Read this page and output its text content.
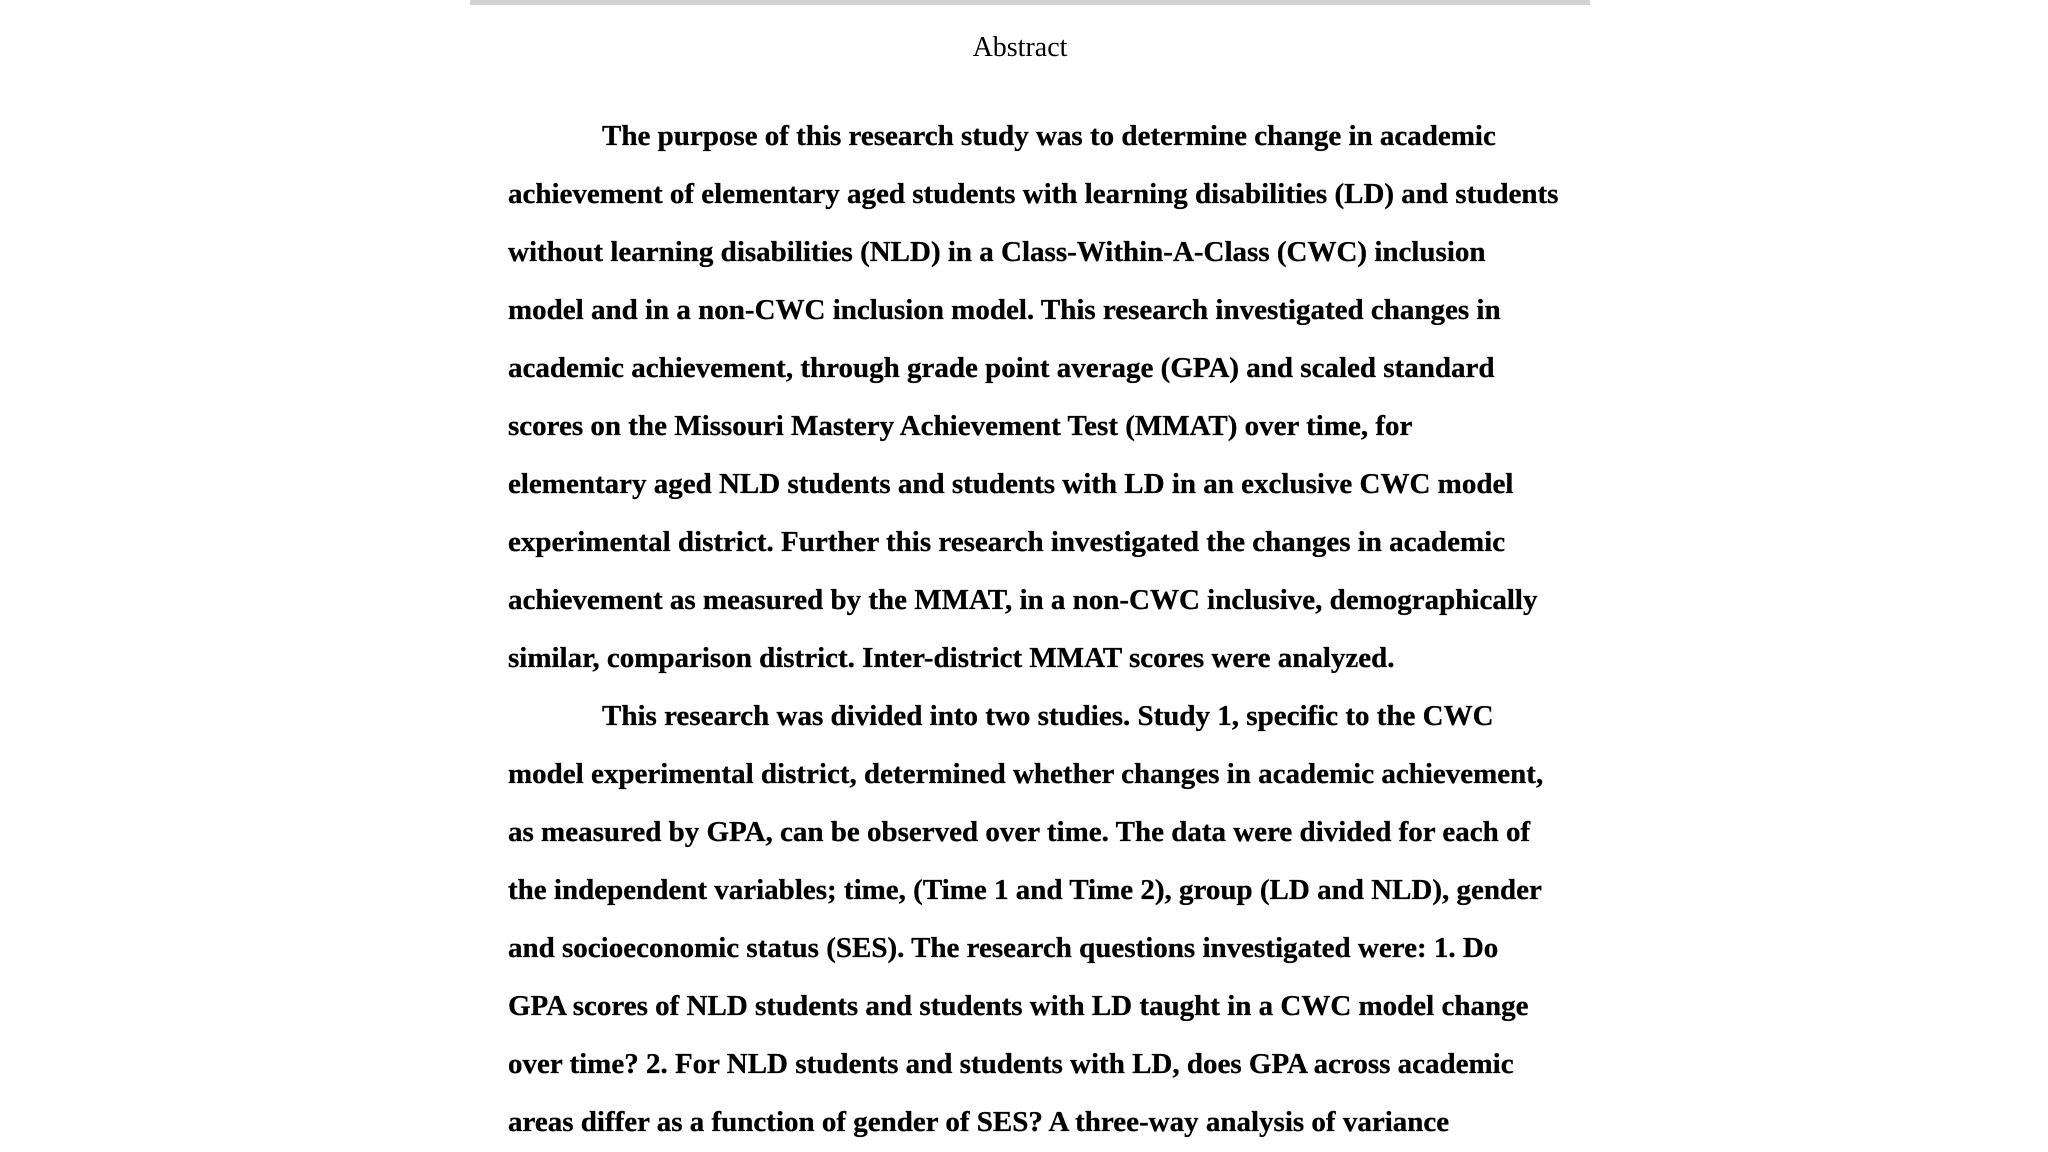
Abstract
The purpose of this research study was to determine change in academic
achievement of elementary aged students with learning disabilities (LD) and students
without learning disabilities (NLD) in a Class-Within-A-Class (CWC) inclusion
model and in a non-CWC inclusion model. This research investigated changes in
academic achievement, through grade point average (GPA) and scaled standard
scores on the Missouri Mastery Achievement Test (MMAT) over time, for
elementary aged NLD students and students with LD in an exclusive CWC model
experimental district. Further this research investigated the changes in academic
achievement as measured by the MMAT, in a non-CWC inclusive, demographically
similar, comparison district. Inter-district MMAT scores were analyzed.
This research was divided into two studies. Study 1, specific to the CWC
model experimental district, determined whether changes in academic achievement,
as measured by GPA, can be observed over time. The data were divided for each of
the independent variables; time, (Time 1 and Time 2), group (LD and NLD), gender
and socioeconomic status (SES). The research questions investigated were: 1. Do
GPA scores of NLD students and students with LD taught in a CWC model change
over time? 2. For NLD students and students with LD, does GPA across academic
areas differ as a function of gender of SES? A three-way analysis of variance
